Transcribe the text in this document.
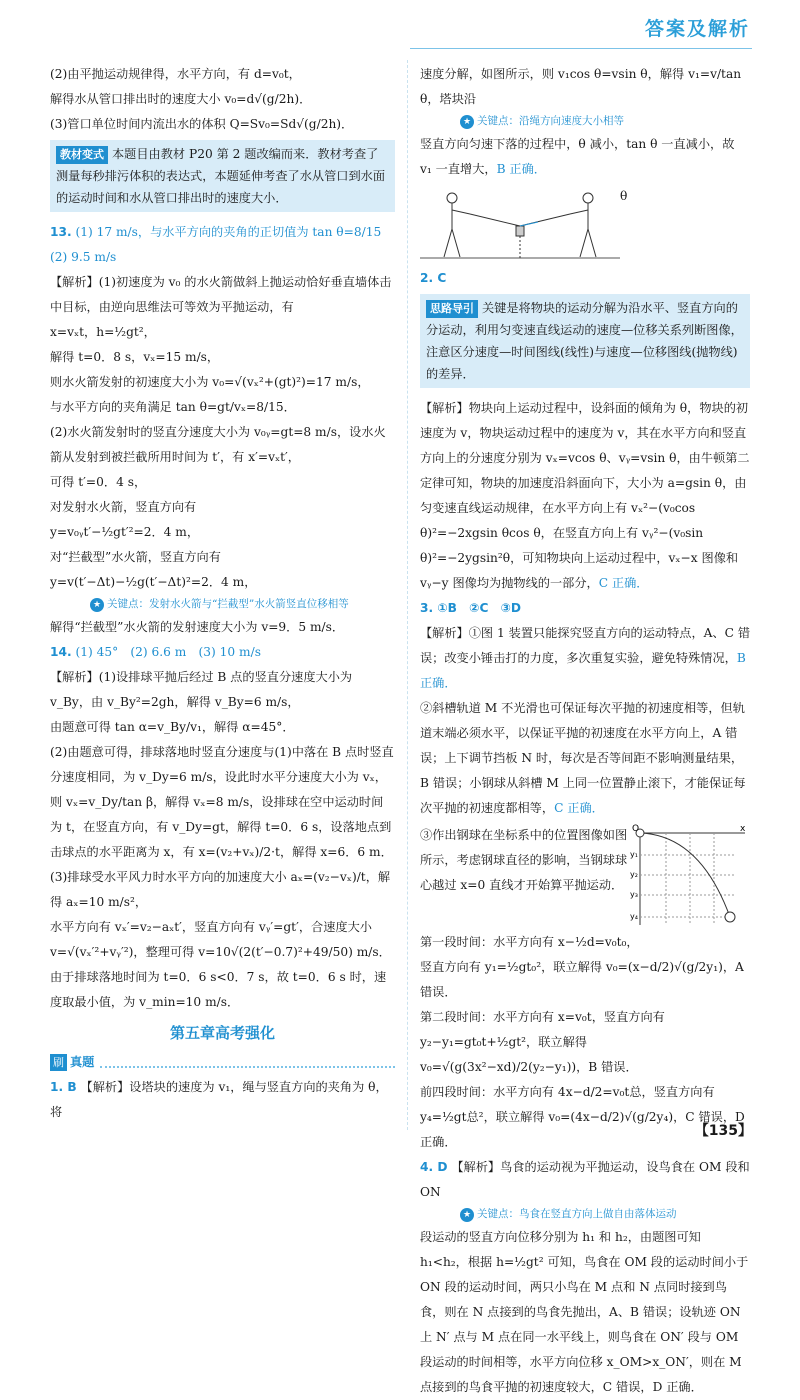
答案及解析

(2)由平抛运动规律得，水平方向，有 d=v₀t，

解得水从管口排出时的速度大小 v₀=d√(g/2h)．

(3)管口单位时间内流出水的体积 Q=Sv₀=Sd√(g/2h)．

教材变式 本题目由教材 P20 第 2 题改编而来．教材考查了测量每秒排污体积的表达式，本题延伸考查了水从管口到水面的运动时间和水从管口排出时的速度大小．

13. (1) 17 m/s，与水平方向的夹角的正切值为 tan θ=8/15

(2) 9.5 m/s

【解析】(1)初速度为 v₀ 的水火箭做斜上抛运动恰好垂直墙体击中目标，由逆向思维法可等效为平抛运动，有

x=vₓt，h=½gt²，

解得 t=0．8 s，vₓ=15 m/s，

则水火箭发射的初速度大小为 v₀=√(vₓ²+(gt)²)=17 m/s，

与水平方向的夹角满足 tan θ=gt/vₓ=8/15．

(2)水火箭发射时的竖直分速度大小为 v₀ᵧ=gt=8 m/s，设水火箭从发射到被拦截所用时间为 t′，有 x′=vₓt′，

可得 t′=0．4 s，

对发射水火箭，竖直方向有

y=v₀ᵧt′−½gt′²=2．4 m，

对“拦截型”水火箭，竖直方向有

y=v(t′−Δt)−½g(t′−Δt)²=2．4 m，

★ 关键点：发射水火箭与“拦截型”水火箭竖直位移相等

解得“拦截型”水火箭的发射速度大小为 v=9．5 m/s．

14. (1) 45°　(2) 6.6 m　(3) 10 m/s

【解析】(1)设排球平抛后经过 B 点的竖直分速度大小为 v_By，由 v_By²=2gh，解得 v_By=6 m/s，

由题意可得 tan α=v_By/v₁，解得 α=45°．

(2)由题意可得，排球落地时竖直分速度与(1)中落在 B 点时竖直分速度相同，为 v_Dy=6 m/s，设此时水平分速度大小为 vₓ，则 vₓ=v_Dy/tan β，解得 vₓ=8 m/s，设排球在空中运动时间为 t，在竖直方向，有 v_Dy=gt，解得 t=0．6 s，设落地点到击球点的水平距离为 x，有 x=(v₂+vₓ)/2·t，解得 x=6．6 m．

(3)排球受水平风力时水平方向的加速度大小 aₓ=(v₂−vₓ)/t，解得 aₓ=10 m/s²，

水平方向有 vₓ′=v₂−aₓt′，竖直方向有 vᵧ′=gt′，合速度大小 v=√(vₓ′²+vᵧ′²)，整理可得 v=10√(2(t′−0.7)²+49/50) m/s．

由于排球落地时间为 t=0．6 s<0．7 s，故 t=0．6 s 时，速度取最小值，为 v_min=10 m/s．

第五章高考强化
刷 真题

1. B 【解析】设塔块的速度为 v₁，绳与竖直方向的夹角为 θ，将

速度分解，如图所示，则 v₁cos θ=vsin θ，解得 v₁=v/tan θ，塔块沿

★ 关键点：沿绳方向速度大小相等

竖直方向匀速下落的过程中，θ 减小，tan θ 一直减小，故 v₁ 一直增大，B 正确．

θ

2. C

思路导引 关键是将物块的运动分解为沿水平、竖直方向的分运动，利用匀变速直线运动的速度—位移关系列断图像，注意区分速度—时间图线(线性)与速度—位移图线(抛物线)的差异．

【解析】物块向上运动过程中，设斜面的倾角为 θ，物块的初速度为 v，物块运动过程中的速度为 v，其在水平方向和竖直方向上的分速度分别为 vₓ=vcos θ、vᵧ=vsin θ，由牛顿第二定律可知，物块的加速度沿斜面向下，大小为 a=gsin θ，由匀变速直线运动规律，在水平方向上有 vₓ²−(v₀cos θ)²=−2xgsin θcos θ，在竖直方向上有 vᵧ²−(v₀sin θ)²=−2ygsin²θ，可知物块向上运动过程中，vₓ−x 图像和 vᵧ−y 图像均为抛物线的一部分，C 正确．

3. ①B　②C　③D

【解析】①图 1 装置只能探究竖直方向的运动特点，A、C 错误；改变小锤击打的力度，多次重复实验，避免特殊情况，B 正确．

②斜槽轨道 M 不光滑也可保证每次平抛的初速度相等，但轨道末端必须水平，以保证平抛的初速度在水平方向上，A 错误；上下调节挡板 N 时，每次是否等间距不影响测量结果，B 错误；小钢球从斜槽 M 上同一位置静止滚下，才能保证每次平抛的初速度都相等，C 正确．

③作出钢球在坐标系中的位置图像如图所示，考虑钢球直径的影响，当钢球球心越过 x=0 直线才开始算平抛运动．

O	x
y₁
y₂
y₃
y₄

第一段时间：水平方向有 x−½d=v₀t₀，

竖直方向有 y₁=½gt₀²，联立解得 v₀=(x−d/2)√(g/2y₁)，A 错误．

第二段时间：水平方向有 x=v₀t，竖直方向有 y₂−y₁=gt₀t+½gt²，联立解得 v₀=√(g(3x²−xd)/2(y₂−y₁))，B 错误．

前四段时间：水平方向有 4x−d/2=v₀t总，竖直方向有 y₄=½gt总²，联立解得 v₀=(4x−d/2)√(g/2y₄)，C 错误，D 正确．

4. D 【解析】鸟食的运动视为平抛运动，设鸟食在 OM 段和 ON

★ 关键点：鸟食在竖直方向上做自由落体运动

段运动的竖直方向位移分别为 h₁ 和 h₂，由题图可知 h₁<h₂，根据 h=½gt² 可知，鸟食在 OM 段的运动时间小于 ON 段的运动时间，两只小鸟在 M 点和 N 点同时接到鸟食，则在 N 点接到的鸟食先抛出，A、B 错误；设轨迹 ON 上 N′ 点与 M 点在同一水平线上，则鸟食在 ON′ 段与 OM 段运动的时间相等，水平方向位移 x_OM>x_ON′，则在 M 点接到的鸟食平抛的初速度较大，C 错误，D 正确．

【135】
